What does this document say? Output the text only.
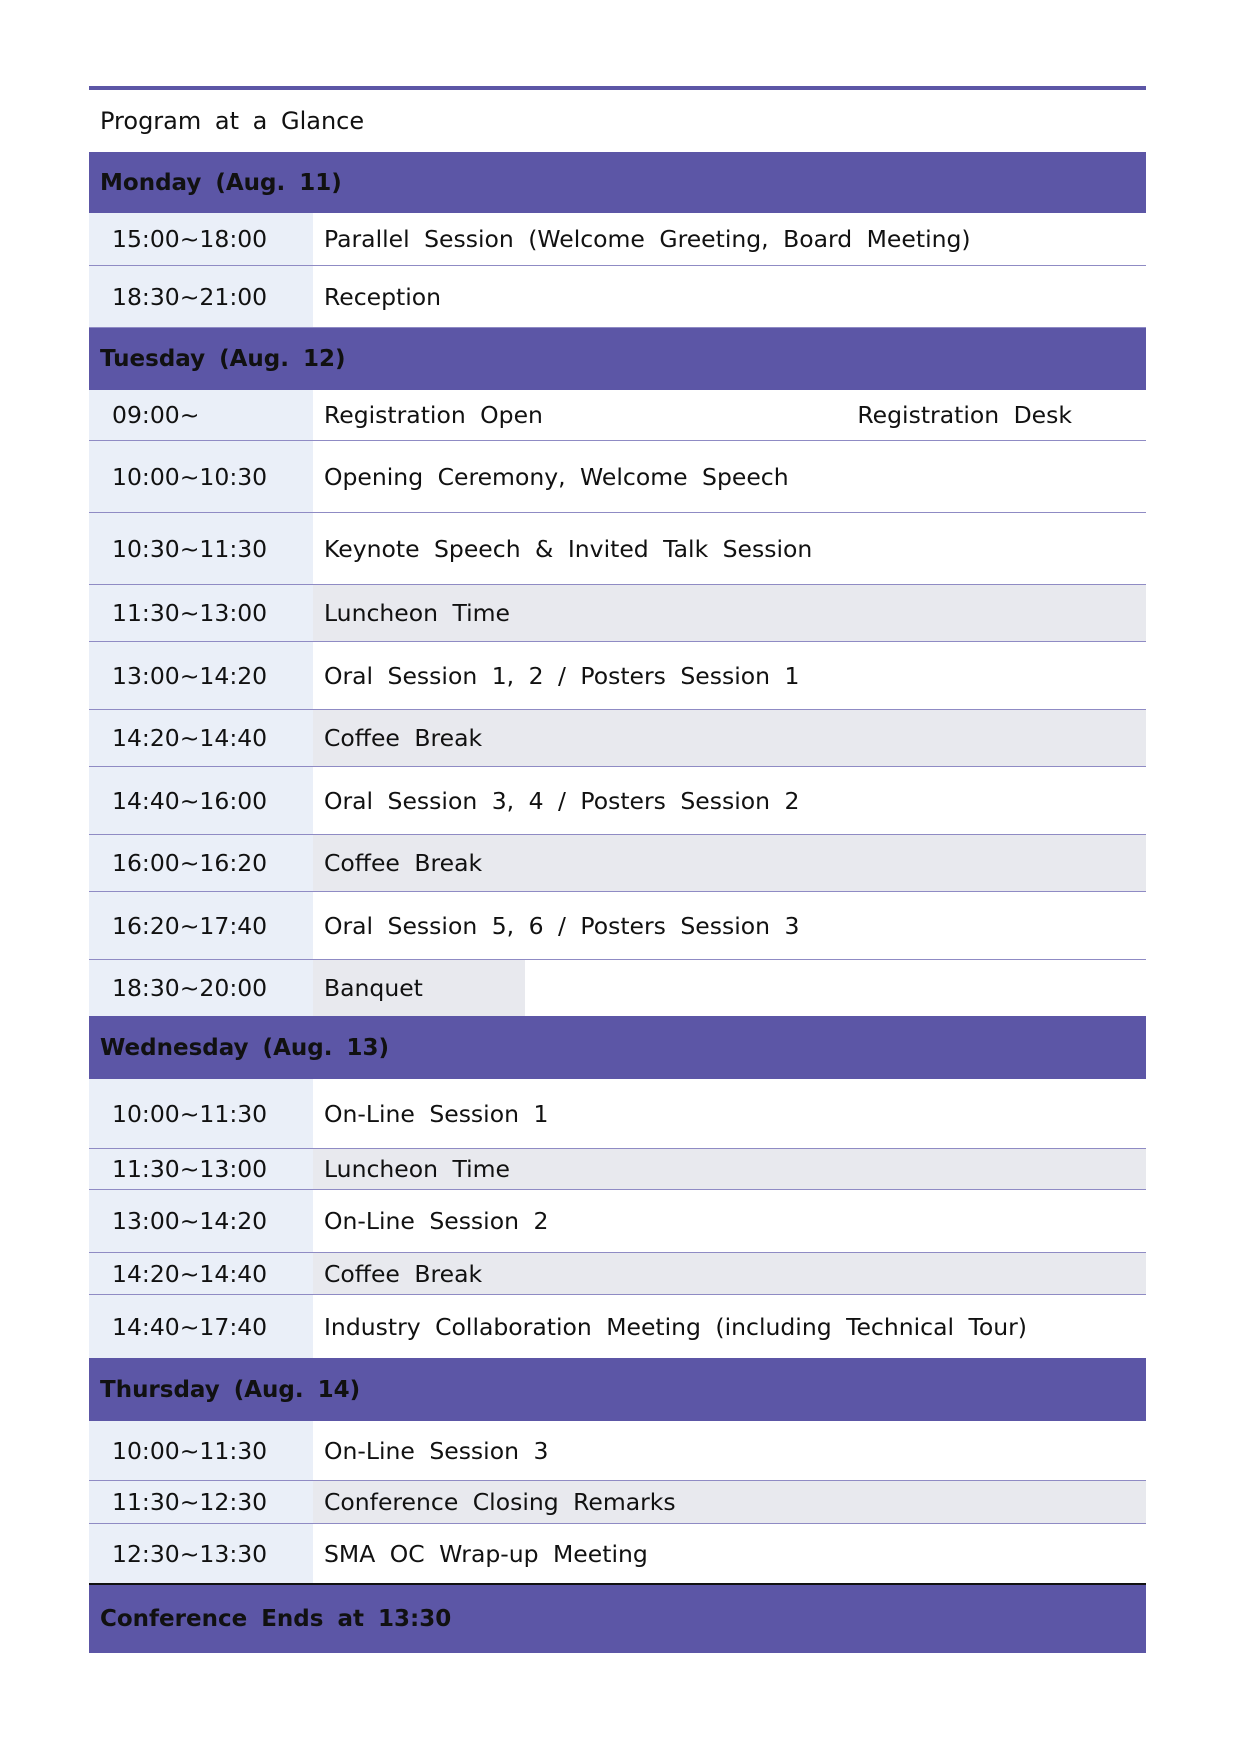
Program at a Glance
Monday (Aug. 11)
15:00~18:00	Parallel Session (Welcome Greeting, Board Meeting)
18:30~21:00	Reception
Tuesday (Aug. 12)
09:00~	Registration Open	Registration Desk
10:00~10:30	Opening Ceremony, Welcome Speech
10:30~11:30	Keynote Speech & Invited Talk Session
11:30~13:00	Luncheon Time
13:00~14:20	Oral Session 1, 2 / Posters Session 1
14:20~14:40	Coffee Break
14:40~16:00	Oral Session 3, 4 / Posters Session 2
16:00~16:20	Coffee Break
16:20~17:40	Oral Session 5, 6 / Posters Session 3
18:30~20:00	Banquet
Wednesday (Aug. 13)
10:00~11:30	On-Line Session 1
11:30~13:00	Luncheon Time
13:00~14:20	On-Line Session 2
14:20~14:40	Coffee Break
14:40~17:40	Industry Collaboration Meeting (including Technical Tour)
Thursday (Aug. 14)
10:00~11:30	On-Line Session 3
11:30~12:30	Conference Closing Remarks
12:30~13:30	SMA OC Wrap-up Meeting
Conference Ends at 13:30
